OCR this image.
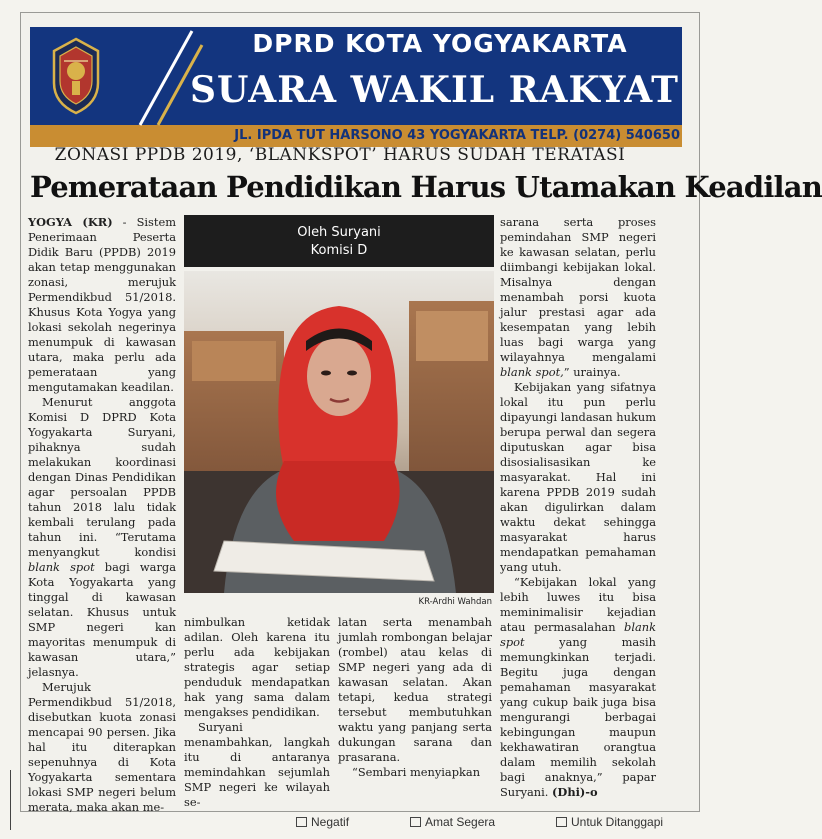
DPRD KOTA YOGYAKARTA
SUARA WAKIL RAKYAT
JL. IPDA TUT HARSONO 43 YOGYAKARTA TELP. (0274) 540650
ZONASI PPDB 2019, ‘BLANKSPOT’ HARUS SUDAH TERATASI
Pemerataan Pendidikan Harus Utamakan Keadilan

YOGYA (KR) - Sistem Penerimaan Peserta Didik Baru (PPDB) 2019 akan tetap menggunakan zonasi, merujuk Permendikbud 51/2018. Khusus Kota Yogya yang lokasi sekolah negerinya menumpuk di kawasan utara, maka perlu ada pemerataan yang mengutamakan keadilan.

Menurut anggota Komisi D DPRD Kota Yogyakarta Suryani, pihaknya sudah melakukan koordinasi dengan Dinas Pendidikan agar persoalan PPDB tahun 2018 lalu tidak kembali terulang pada tahun ini. “Terutama menyangkut kondisi blank spot bagi warga Kota Yogyakarta yang tinggal di kawasan selatan. Khusus untuk SMP negeri kan mayoritas menumpuk di kawasan utara,” jelasnya.

Merujuk Permendikbud 51/2018, disebutkan kuota zonasi mencapai 90 persen. Jika hal itu diterapkan sepenuhnya di Kota Yogyakarta sementara lokasi SMP negeri belum merata, maka akan me-

Oleh Suryani
Komisi D
KR-Ardhi Wahdan

nimbulkan ketidak adilan. Oleh karena itu perlu ada kebijakan strategis agar setiap penduduk mendapatkan hak yang sama dalam mengakses pendidikan.

Suryani menambahkan, langkah itu di antaranya memindahkan sejumlah SMP negeri ke wilayah se-

latan serta menambah jumlah rombongan belajar (rombel) atau kelas di SMP negeri yang ada di kawasan selatan. Akan tetapi, kedua strategi tersebut membutuhkan waktu yang panjang serta dukungan sarana dan prasarana.

“Sembari menyiapkan

sarana serta proses pemindahan SMP negeri ke kawasan selatan, perlu diimbangi kebijakan lokal. Misalnya dengan menambah porsi kuota jalur prestasi agar ada kesempatan yang lebih luas bagi warga yang wilayahnya mengalami blank spot,” urainya.

Kebijakan yang sifatnya lokal itu pun perlu dipayungi landasan hukum berupa perwal dan segera diputuskan agar bisa disosialisasikan ke masyarakat. Hal ini karena PPDB 2019 sudah akan digulirkan dalam waktu dekat sehingga masyarakat harus mendapatkan pemahaman yang utuh.

“Kebijakan lokal yang lebih luwes itu bisa meminimalisir kejadian atau permasalahan blank spot yang masih memungkinkan terjadi. Begitu juga dengan pemahaman masyarakat yang cukup baik juga bisa mengurangi berbagai kebingungan maupun kekhawatiran orangtua dalam memilih sekolah bagi anaknya,” papar Suryani. (Dhi)-o

Negatif	Amat Segera	Untuk Ditanggapi
